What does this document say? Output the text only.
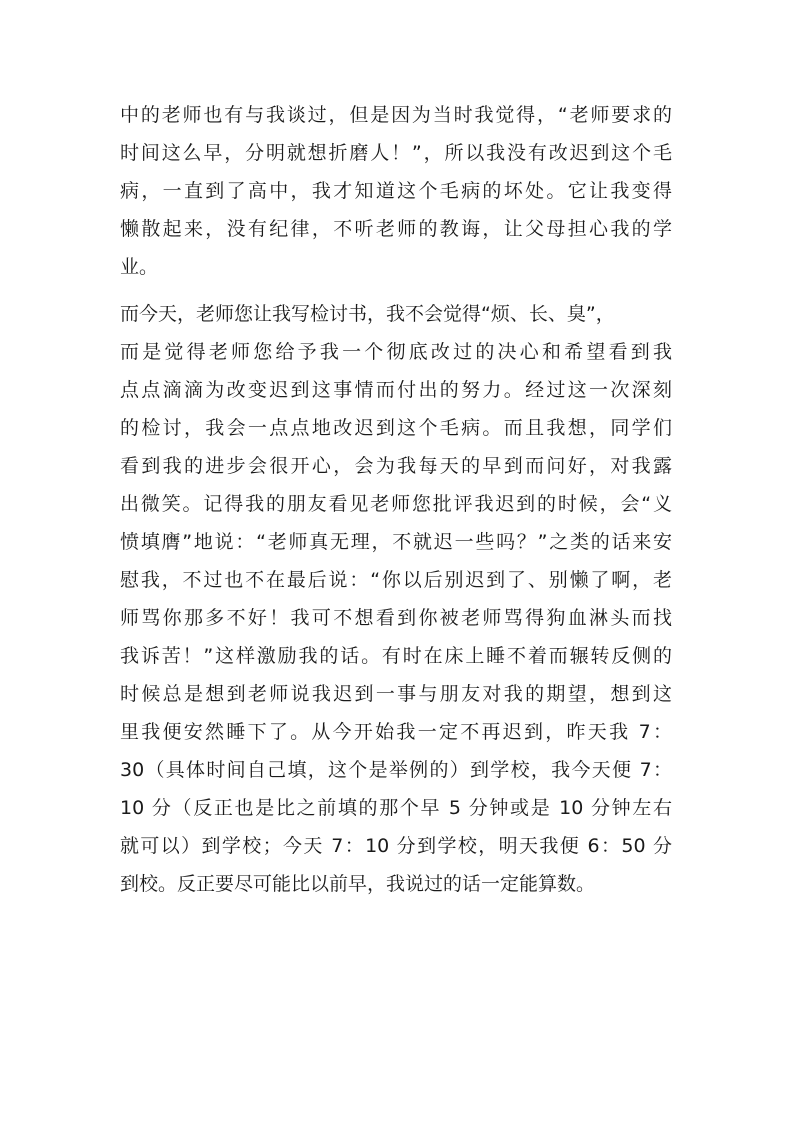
中的老师也有与我谈过，但是因为当时我觉得，“老师要求的
时间这么早，分明就想折磨人！”，所以我没有改迟到这个毛
病，一直到了高中，我才知道这个毛病的坏处。它让我变得
懒散起来，没有纪律，不听老师的教诲，让父母担心我的学
业。
而今天，老师您让我写检讨书，我不会觉得“烦、长、臭”，
而是觉得老师您给予我一个彻底改过的决心和希望看到我
点点滴滴为改变迟到这事情而付出的努力。经过这一次深刻
的检讨，我会一点点地改迟到这个毛病。而且我想，同学们
看到我的进步会很开心，会为我每天的早到而问好，对我露
出微笑。记得我的朋友看见老师您批评我迟到的时候，会“义
愤填膺”地说：“老师真无理，不就迟一些吗？”之类的话来安
慰我，不过也不在最后说：“你以后别迟到了、别懒了啊，老
师骂你那多不好！我可不想看到你被老师骂得狗血淋头而找
我诉苦！”这样激励我的话。有时在床上睡不着而辗转反侧的
时候总是想到老师说我迟到一事与朋友对我的期望，想到这
里我便安然睡下了。从今开始我一定不再迟到，昨天我 7：
30（具体时间自己填，这个是举例的）到学校，我今天便 7：
10 分（反正也是比之前填的那个早 5 分钟或是 10 分钟左右
就可以）到学校；今天 7：10 分到学校，明天我便 6：50 分
到校。反正要尽可能比以前早，我说过的话一定能算数。
